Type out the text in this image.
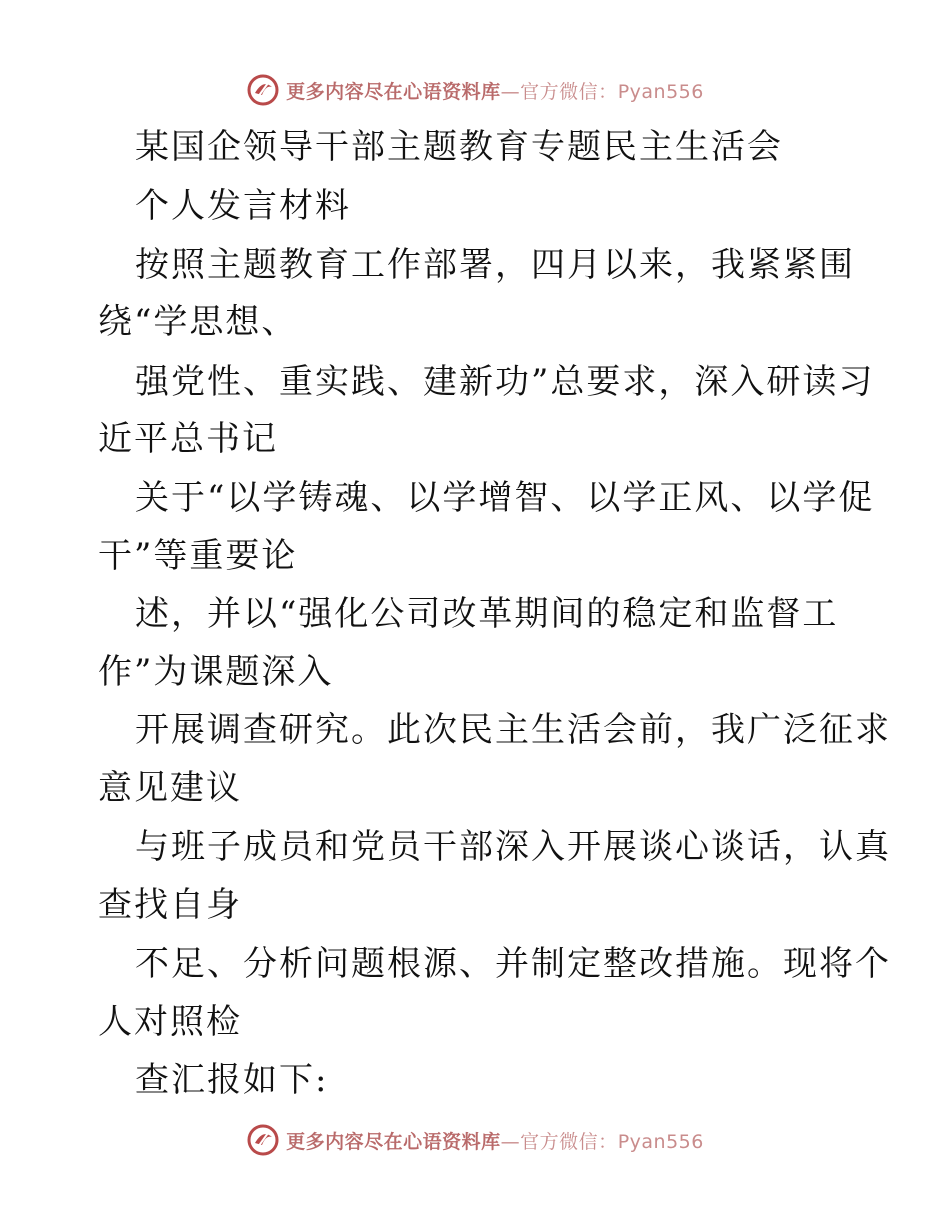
更多内容尽在心语资料库—官方微信：Pyan556
某国企领导干部主题教育专题民主生活会
个人发言材料
按照主题教育工作部署，四月以来，我紧紧围
绕“学思想、
强党性、重实践、建新功”总要求，深入研读习
近平总书记
关于“以学铸魂、以学增智、以学正风、以学促
干”等重要论
述，并以“强化公司改革期间的稳定和监督工
作”为课题深入
开展调查研究。此次民主生活会前，我广泛征求
意见建议
与班子成员和党员干部深入开展谈心谈话，认真
查找自身
不足、分析问题根源、并制定整改措施。现将个
人对照检
查汇报如下:
更多内容尽在心语资料库—官方微信：Pyan556
